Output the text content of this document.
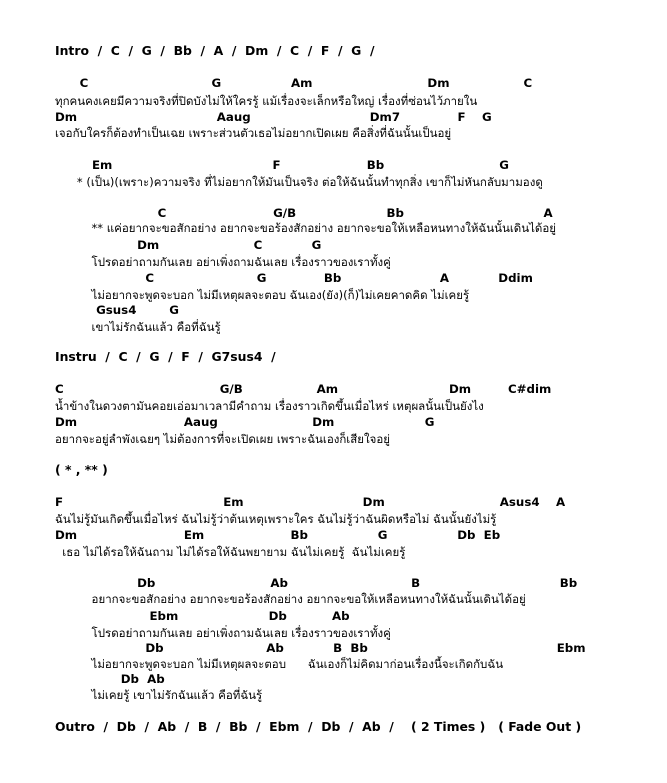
Intro  /  C  /  G  /  Bb  /  A  /  Dm  /  C  /  F  /  G  /
C                              G                 Am                            Dm                  C
ทุกคนคงเคยมีความจริงที่ปิดบังไม่ให้ใครรู้ แม้เรื่องจะเล็กหรือใหญ่ เรื่องที่ซ่อนไว้ภายใน
Dm                                  Aaug                             Dm7              F    G
เจอกับใครก็ต้องทำเป็นเฉย เพราะส่วนตัวเธอไม่อยากเปิดเผย คือสิ่งที่ฉันนั้นเป็นอยู่
Em                                       F                     Bb                            G
* (เป็น)(เพราะ)ความจริง ที่ไม่อยากให้มันเป็นจริง ต่อให้ฉันนั้นทำทุกสิ่ง เขาก็ไม่หันกลับมามองดู
C                          G/B                      Bb                                  A
** แค่อยากจะขอสักอย่าง อยากจะขอร้องสักอย่าง อยากจะขอให้เหลือหนทางให้ฉันนั้นเดินได้อยู่
Dm                       C            G
โปรดอย่าถามกันเลย อย่าเพิ่งถามฉันเลย เรื่องราวของเราทั้งคู่
C                         G              Bb                        A            Ddim
ไม่อยากจะพูดจะบอก ไม่มีเหตุผลจะตอบ ฉันเอง(ยัง)(ก็)ไม่เคยคาดคิด ไม่เคยรู้
Gsus4        G
เขาไม่รักฉันแล้ว คือที่ฉันรู้
Instru  /  C  /  G  /  F  /  G7sus4  /
C                                      G/B                  Am                           Dm         C#dim
น้ำข้างในดวงตามันคอยเอ่อมาเวลามีคำถาม เรื่องราวเกิดขึ้นเมื่อไหร่ เหตุผลนั้นเป็นยังไง
Dm                          Aaug                       Dm                      G
อยากจะอยู่ลำพังเฉยๆ ไม่ต้องการที่จะเปิดเผย เพราะฉันเองก็เสียใจอยู่
( * , ** )
F                                       Em                             Dm                            Asus4    A
ฉันไม่รู้มันเกิดขึ้นเมื่อไหร่ ฉันไม่รู้ว่าต้นเหตุเพราะใคร ฉันไม่รู้ว่าฉันผิดหรือไม่ ฉันนั้นยังไม่รู้
Dm                          Em                     Bb                 G                 Db  Eb
เธอ ไม่ได้รอให้ฉันถาม ไม่ได้รอให้ฉันพยายาม ฉันไม่เคยรู้  ฉันไม่เคยรู้
Db                            Ab                              B                                  Bb
อยากจะขอสักอย่าง อยากจะขอร้องสักอย่าง อยากจะขอให้เหลือหนทางให้ฉันนั้นเดินได้อยู่
Ebm                      Db           Ab
โปรดอย่าถามกันเลย อย่าเพิ่งถามฉันเลย เรื่องราวของเราทั้งคู่
Db                         Ab            B  Bb                                              Ebm
ไม่อยากจะพูดจะบอก ไม่มีเหตุผลจะตอบ      ฉันเองก็ไม่คิดมาก่อนเรื่องนี้จะเกิดกับฉัน
Db  Ab
ไม่เคยรู้ เขาไม่รักฉันแล้ว คือที่ฉันรู้
Outro  /  Db  /  Ab  /  B  /  Bb  /  Ebm  /  Db  /  Ab  /    ( 2 Times )   ( Fade Out )
